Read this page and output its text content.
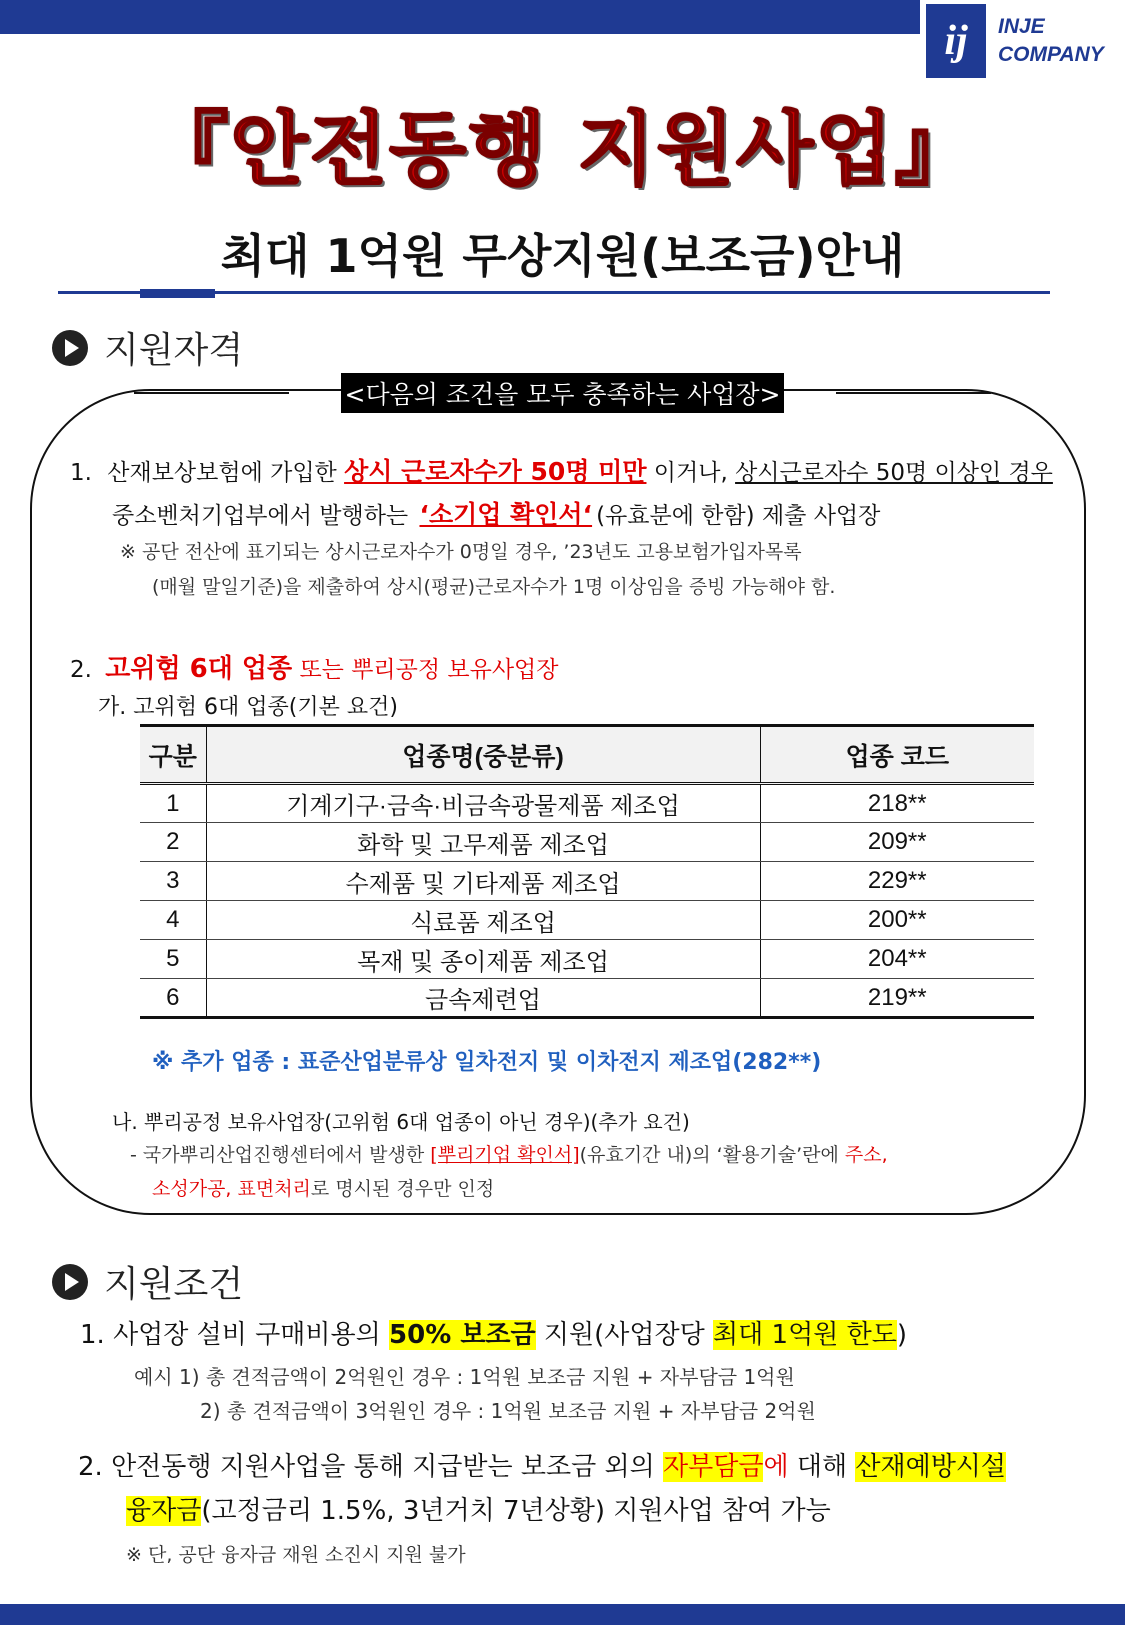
ij	INJE
COMPANY
『안전동행 지원사업』
최대 1억원 무상지원(보조금)안내
지원자격
<다음의 조건을 모두 충족하는 사업장>
1. 산재보상보험에 가입한 상시 근로자수가 50명 미만 이거나, 상시근로자수 50명 이상인 경우
중소벤처기업부에서 발행하는 ‘소기업 확인서‘ (유효분에 한함) 제출 사업장
※ 공단 전산에 표기되는 상시근로자수가 0명일 경우, ’23년도 고용보험가입자목록
(매월 말일기준)을 제출하여 상시(평균)근로자수가 1명 이상임을 증빙 가능해야 함.
2. 고위험 6대 업종 또는 뿌리공정 보유사업장
가. 고위험 6대 업종(기본 요건)
구분	업종명(중분류)	업종 코드
1	기계기구·금속·비금속광물제품 제조업	218**
2	화학 및 고무제품 제조업	209**
3	수제품 및 기타제품 제조업	229**
4	식료품 제조업	200**
5	목재 및 종이제품 제조업	204**
6	금속제련업	219**
※ 추가 업종 : 표준산업분류상 일차전지 및 이차전지 제조업(282**)
나. 뿌리공정 보유사업장(고위험 6대 업종이 아닌 경우)(추가 요건)
- 국가뿌리산업진행센터에서 발생한 [뿌리기업 확인서](유효기간 내)의 ‘활용기술’란에 주소,
소성가공, 표면처리로 명시된 경우만 인정
지원조건
1. 사업장 설비 구매비용의 50% 보조금 지원(사업장당 최대 1억원 한도)
예시 1) 총 견적금액이 2억원인 경우 : 1억원 보조금 지원 + 자부담금 1억원
2) 총 견적금액이 3억원인 경우 : 1억원 보조금 지원 + 자부담금 2억원
2. 안전동행 지원사업을 통해 지급받는 보조금 외의 자부담금에 대해 산재예방시설
융자금(고정금리 1.5%, 3년거치 7년상황) 지원사업 참여 가능
※ 단, 공단 융자금 재원 소진시 지원 불가
